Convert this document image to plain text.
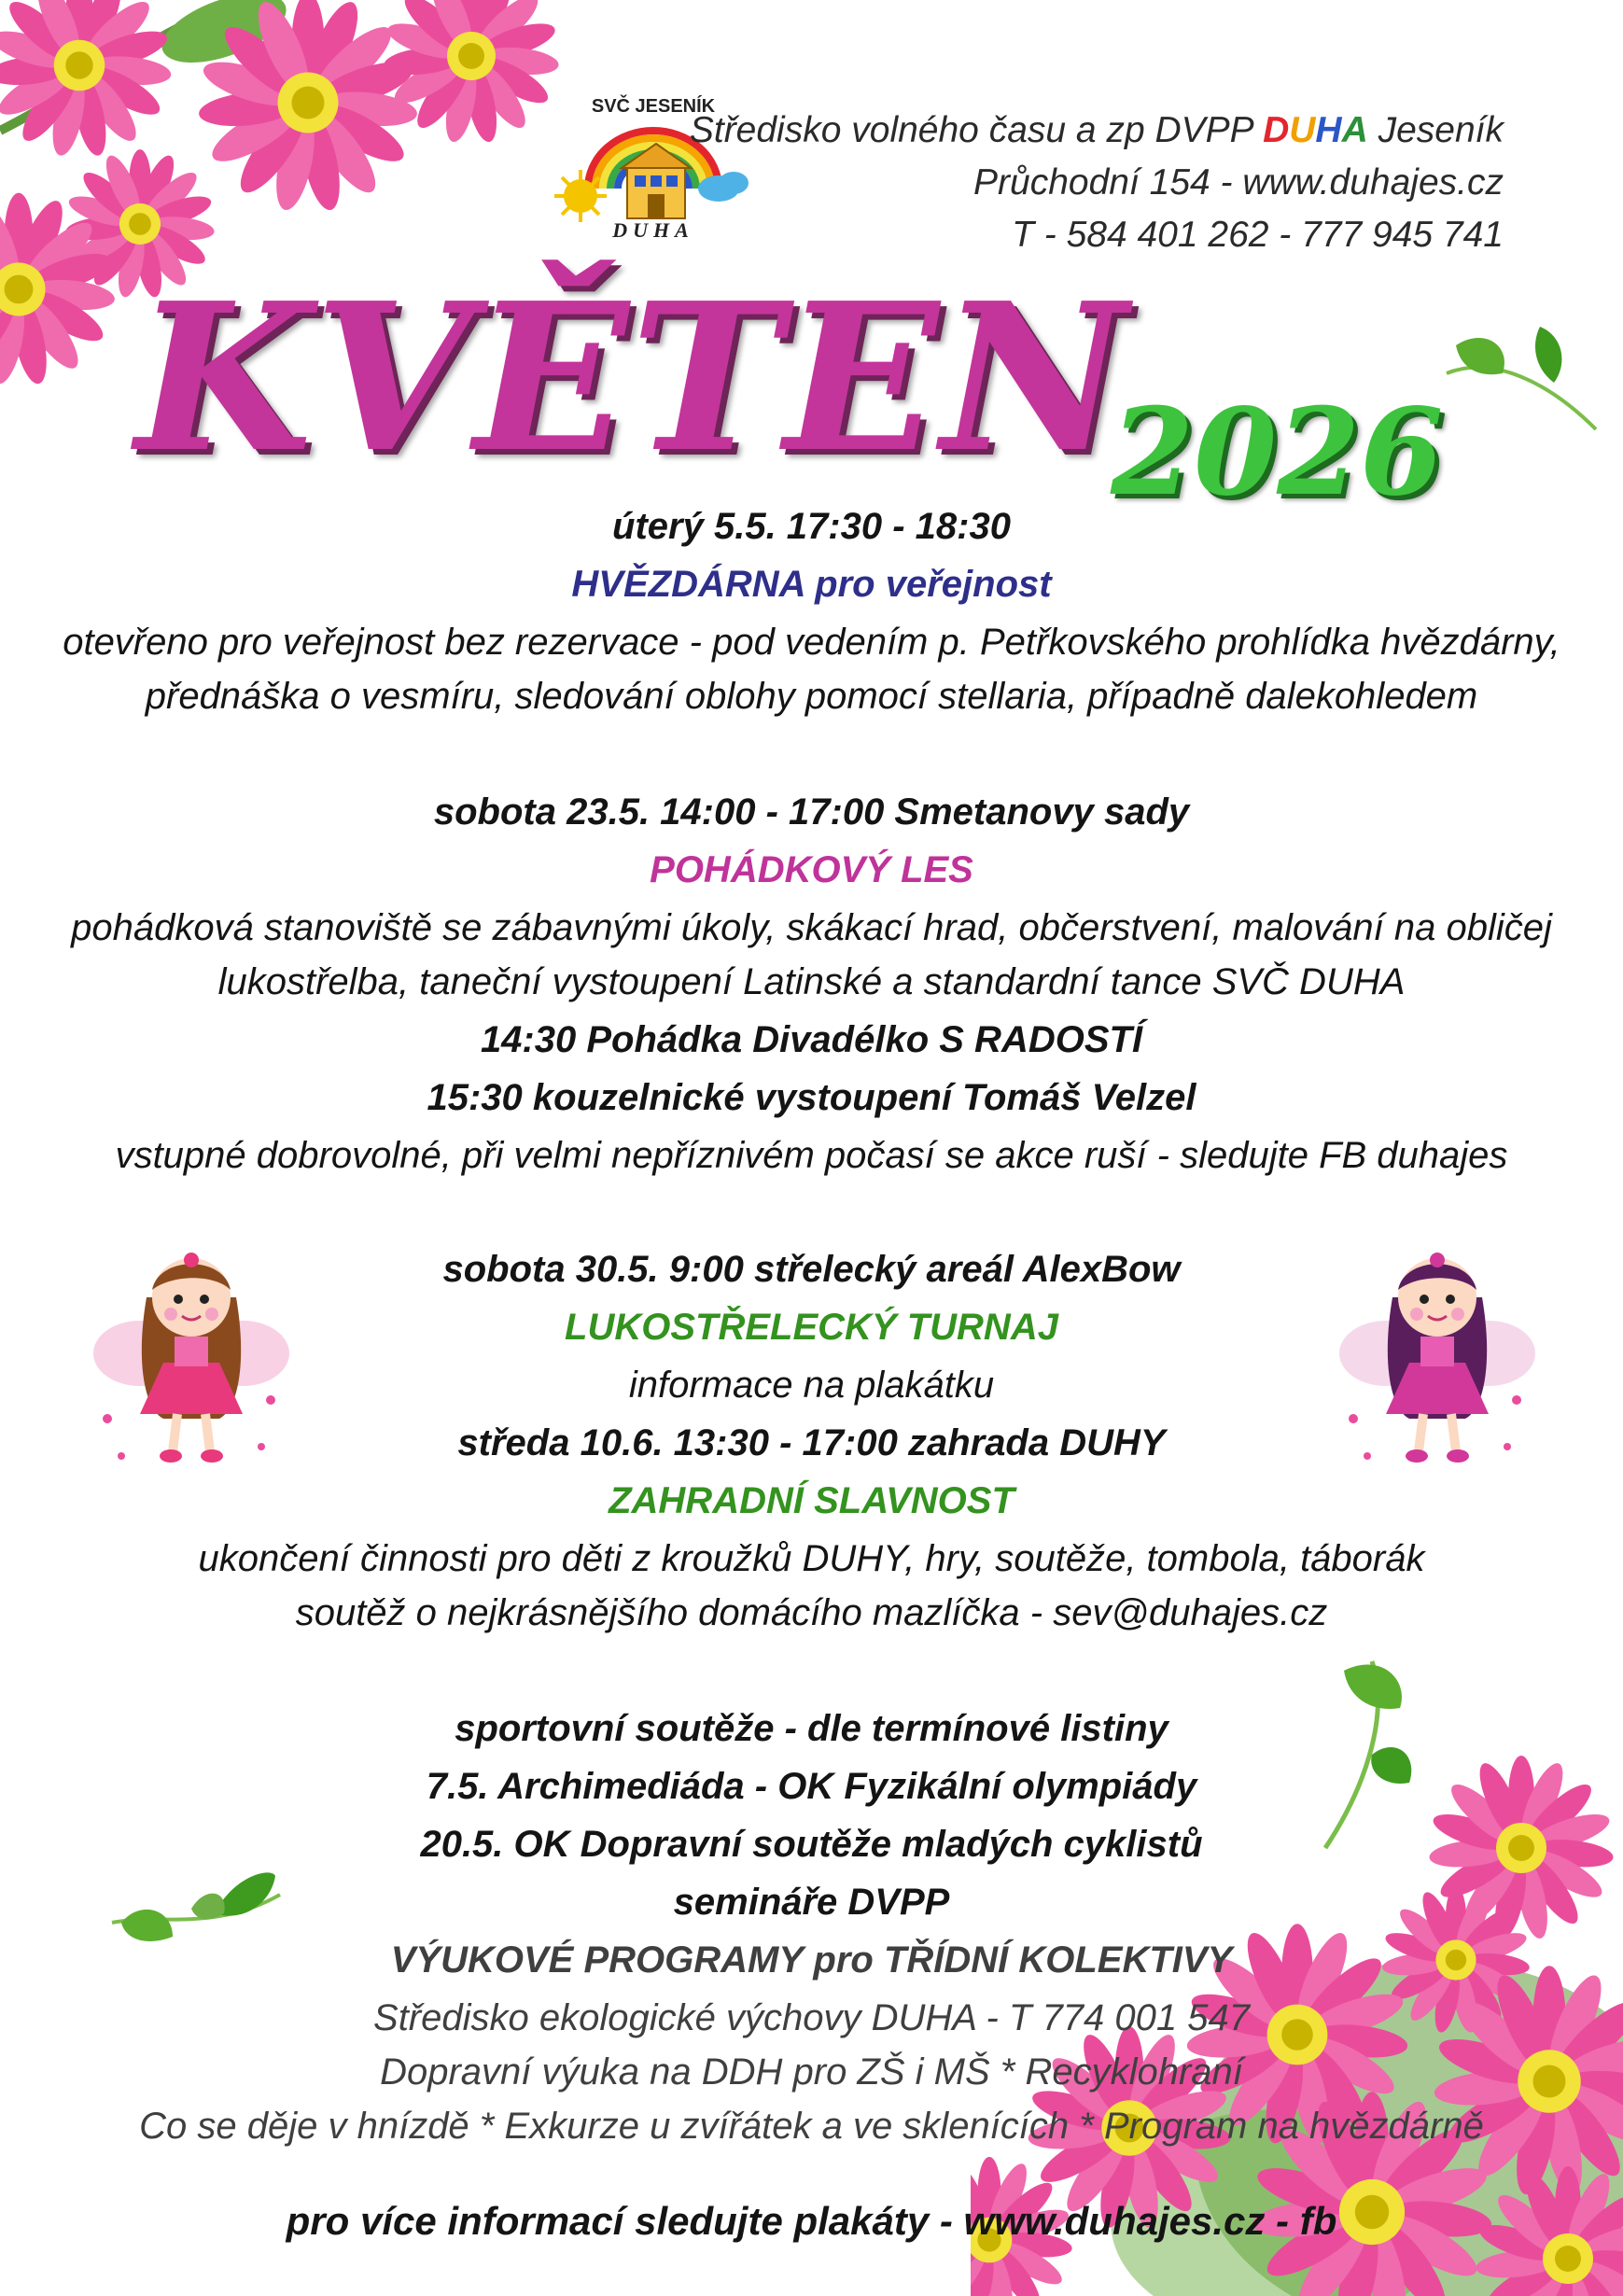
SVČ JESENÍK
DUHA
Středisko volného času a zp DVPP DUHA Jeseník
Průchodní 154 - www.duhajes.cz
T - 584 401 262 - 777 945 741
KVĚTEN
2026
úterý 5.5. 17:30 - 18:30
HVĚZDÁRNA pro veřejnost
otevřeno pro veřejnost bez rezervace - pod vedením p. Petřkovského prohlídka hvězdárny,
přednáška o vesmíru, sledování oblohy pomocí stellaria, případně dalekohledem
sobota 23.5. 14:00 - 17:00 Smetanovy sady
POHÁDKOVÝ LES
pohádková stanoviště se zábavnými úkoly, skákací hrad, občerstvení, malování na obličej
lukostřelba, taneční vystoupení Latinské a standardní tance SVČ DUHA
14:30 Pohádka Divadélko S RADOSTÍ
15:30 kouzelnické vystoupení Tomáš Velzel
vstupné dobrovolné, při velmi nepříznivém počasí se akce ruší - sledujte FB duhajes
sobota 30.5. 9:00 střelecký areál AlexBow
LUKOSTŘELECKÝ TURNAJ
informace na plakátku
středa 10.6. 13:30 - 17:00 zahrada DUHY
ZAHRADNÍ SLAVNOST
ukončení činnosti pro děti z kroužků DUHY, hry, soutěže, tombola, táborák
soutěž o nejkrásnějšího domácího mazlíčka - sev@duhajes.cz
sportovní soutěže - dle termínové listiny
7.5. Archimediáda - OK Fyzikální olympiády
20.5. OK Dopravní soutěže mladých cyklistů
semináře DVPP
VÝUKOVÉ PROGRAMY pro TŘÍDNÍ KOLEKTIVY
Středisko ekologické výchovy DUHA - T 774 001 547
Dopravní výuka na DDH pro ZŠ i MŠ * Recyklohraní
Co se děje v hnízdě * Exkurze u zvířátek a ve sklenících * Program na hvězdárně
pro více informací sledujte plakáty - www.duhajes.cz - fb
